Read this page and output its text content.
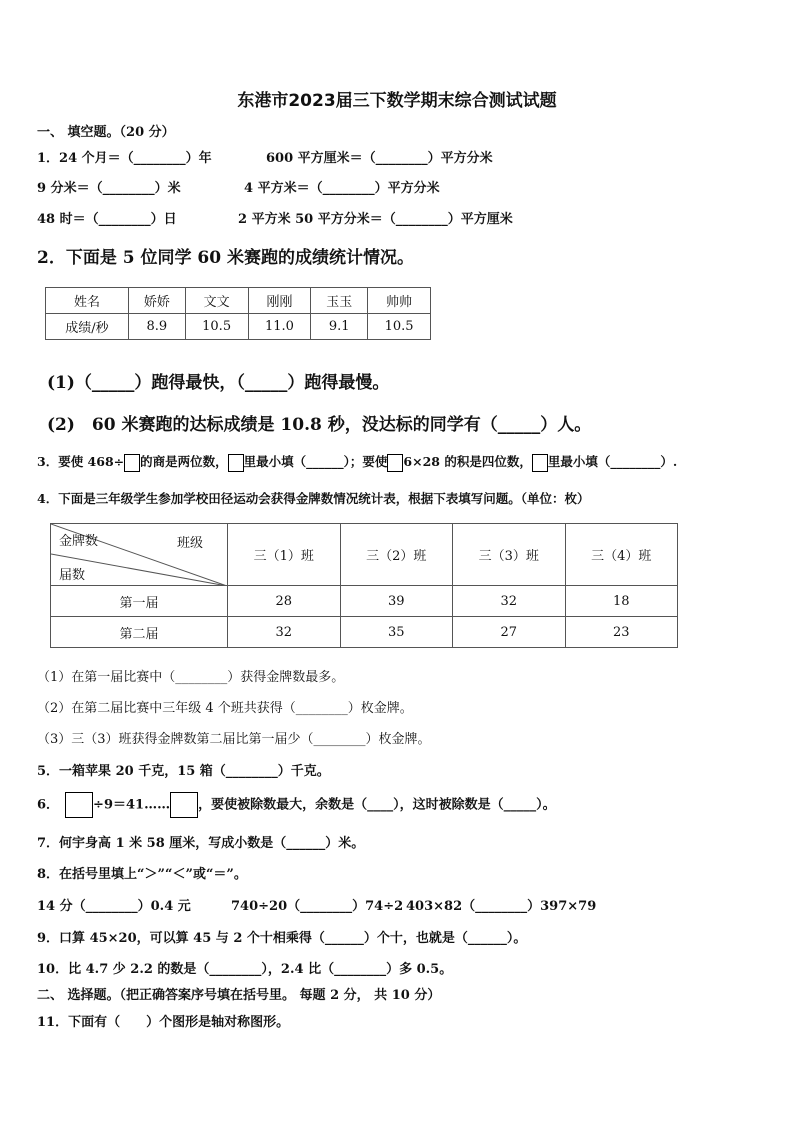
东港市2023届三下数学期末综合测试试题
一、 填空题。（20 分）
1．24 个月＝（________）年	600 平方厘米＝（________）平方分米
9 分米＝（________）米	4 平方米＝（________）平方分米
48 时＝（________）日	2 平方米 50 平方分米＝（________）平方厘米
2．下面是 5 位同学 60 米赛跑的成绩统计情况。
姓名	娇娇	文文	刚刚	玉玉	帅帅
成绩/秒	8.9	10.5	11.0	9.1	10.5
(1)（_____）跑得最快，（_____）跑得最慢。
(2)　60 米赛跑的达标成绩是 10.8 秒，没达标的同学有（_____）人。
3．要使 468÷ 的商是两位数， 里最小填（______）；要使 6×28 的积是四位数， 里最小填（________）.
4．下面是三年级学生参加学校田径运动会获得金牌数情况统计表，根据下表填写问题。（单位：枚）
金牌数 班级
届数	三（1）班	三（2）班	三（3）班	三（4）班
第一届	28	39	32	18
第二届	32	35	27	23
（1）在第一届比赛中（________）获得金牌数最多。
（2）在第二届比赛中三年级 4 个班共获得（________）枚金牌。
（3）三（3）班获得金牌数第二届比第一届少（________）枚金牌。
5．一箱苹果 20 千克，15 箱（________）千克。
6．	÷9＝41…… ，要使被除数最大，余数是（____），这时被除数是（_____）。
7．何宇身高 1 米 58 厘米，写成小数是（______）米。
8．在括号里填上“＞”“＜”或“＝”。
14 分（________）0.4 元	740÷20（________）74÷2 403×82（________）397×79
9．口算 45×20，可以算 45 与 2 个十相乘得（______）个十，也就是（______）。
10．比 4.7 少 2.2 的数是（________），2.4 比（________）多 0.5。
二、 选择题。（把正确答案序号填在括号里。 每题 2 分， 共 10 分）
11．下面有（　　）个图形是轴对称图形。
